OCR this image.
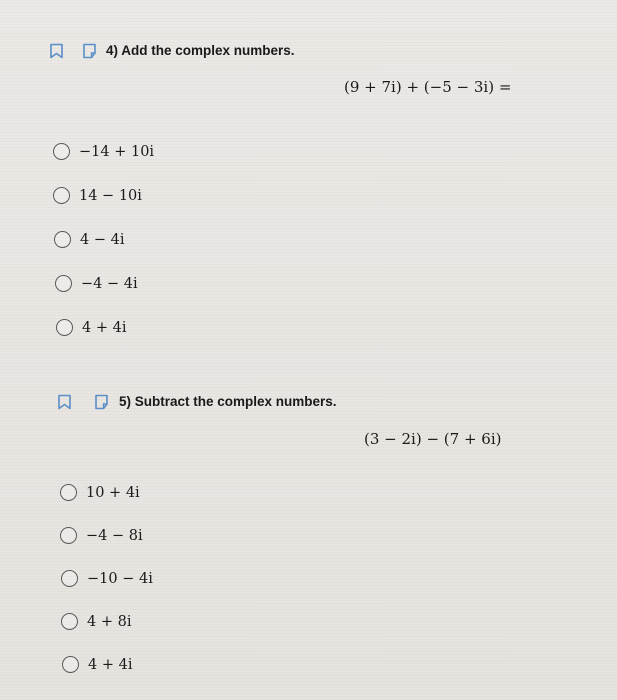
4) Add the complex numbers.
(9 + 7i) + (−5 − 3i) =
−14 + 10i
14 − 10i
4 − 4i
−4 − 4i
4 + 4i
5) Subtract the complex numbers.
(3 − 2i) − (7 + 6i)
10 + 4i
−4 − 8i
−10 − 4i
4 + 8i
4 + 4i
